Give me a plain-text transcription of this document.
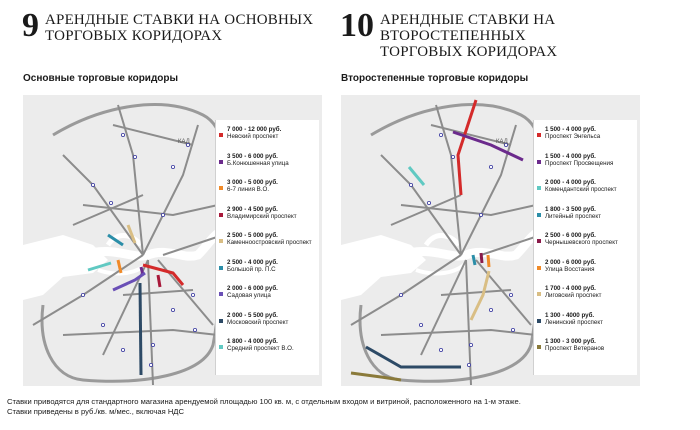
9 АРЕНДНЫЕ СТАВКИ НА ОСНОВНЫХ
ТОРГОВЫХ КОРИДОРАХ	10 АРЕНДНЫЕ СТАВКИ НА ВТОРОСТЕПЕННЫХ
ТОРГОВЫХ КОРИДОРАХ
Основные торговые коридоры	Второстепенные торговые коридоры
КАД
7 000 - 12 000 руб.
Невский проспект
3 500 - 6 000 руб.
Б.Конюшенная улица
3 000 - 5 000 руб.
6-7 линия В.О.
2 900 - 4 500 руб.
Владимирский проспект
2 500 - 5 000 руб.
Каменноостровский проспект
2 500 - 4 000 руб.
Большой пр. П.С
2 000 - 6 000 руб.
Садовая улица
2 000 - 5 500 руб.
Московский проспект
1 800 - 4 000 руб.
Средний проспект В.О.
КАД
1 500 - 4 000 руб.
Проспект Энгельса
1 500 - 4 000 руб.
Проспект Просвещения
2 000 - 4 000 руб.
Комендантский проспект
1 800 - 3 500 руб.
Литейный проспект
2 500 - 6 000 руб.
Чернышевского проспект
2 000 - 6 000 руб.
Улица Восстания
1 700 - 4 000 руб.
Лиговский проспект
1 300 - 4000 руб.
Ленинский проспект
1 300 - 3 000 руб.
Проспект Ветеранов
Ставки приводятся для стандартного магазина арендуемой площадью 100 кв. м, с отдельным входом и витриной, расположенного на 1-м этаже.
Ставки приведены в руб./кв. м/мес., включая НДС
